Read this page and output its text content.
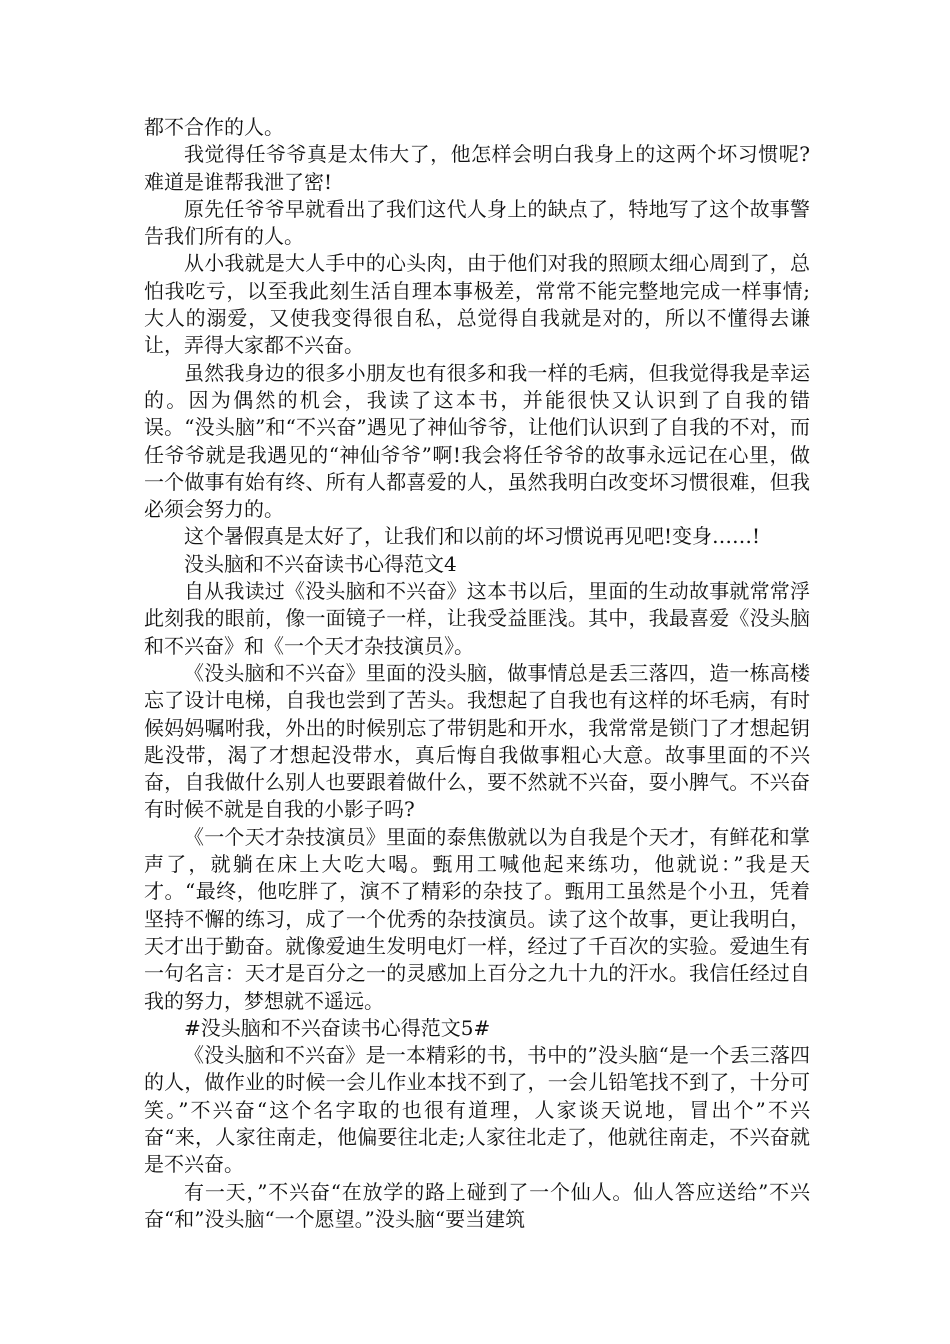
都不合作的人。

我觉得任爷爷真是太伟大了，他怎样会明白我身上的这两个坏习惯呢?难道是谁帮我泄了密!

原先任爷爷早就看出了我们这代人身上的缺点了，特地写了这个故事警告我们所有的人。

从小我就是大人手中的心头肉，由于他们对我的照顾太细心周到了，总怕我吃亏，以至我此刻生活自理本事极差，常常不能完整地完成一样事情;大人的溺爱，又使我变得很自私，总觉得自我就是对的，所以不懂得去谦让，弄得大家都不兴奋。

虽然我身边的很多小朋友也有很多和我一样的毛病，但我觉得我是幸运的。因为偶然的机会，我读了这本书，并能很快又认识到了自我的错误。“没头脑”和“不兴奋”遇见了神仙爷爷，让他们认识到了自我的不对，而任爷爷就是我遇见的“神仙爷爷”啊!我会将任爷爷的故事永远记在心里，做一个做事有始有终、所有人都喜爱的人，虽然我明白改变坏习惯很难，但我必须会努力的。

这个暑假真是太好了，让我们和以前的坏习惯说再见吧!变身……!

没头脑和不兴奋读书心得范文4

自从我读过《没头脑和不兴奋》这本书以后，里面的生动故事就常常浮此刻我的眼前，像一面镜子一样，让我受益匪浅。其中，我最喜爱《没头脑和不兴奋》和《一个天才杂技演员》。

《没头脑和不兴奋》里面的没头脑，做事情总是丢三落四，造一栋高楼忘了设计电梯，自我也尝到了苦头。我想起了自我也有这样的坏毛病，有时候妈妈嘱咐我，外出的时候别忘了带钥匙和开水，我常常是锁门了才想起钥匙没带，渴了才想起没带水，真后悔自我做事粗心大意。故事里面的不兴奋，自我做什么别人也要跟着做什么，要不然就不兴奋，耍小脾气。不兴奋有时候不就是自我的小影子吗?

《一个天才杂技演员》里面的泰焦傲就以为自我是个天才，有鲜花和掌声了，就躺在床上大吃大喝。甄用工喊他起来练功，他就说：”我是天才。“最终，他吃胖了，演不了精彩的杂技了。甄用工虽然是个小丑，凭着坚持不懈的练习，成了一个优秀的杂技演员。读了这个故事，更让我明白，天才出于勤奋。就像爱迪生发明电灯一样，经过了千百次的实验。爱迪生有一句名言：天才是百分之一的灵感加上百分之九十九的汗水。我信任经过自我的努力，梦想就不遥远。

#没头脑和不兴奋读书心得范文5#

《没头脑和不兴奋》是一本精彩的书，书中的”没头脑“是一个丢三落四的人，做作业的时候一会儿作业本找不到了，一会儿铅笔找不到了，十分可笑。”不兴奋“这个名字取的也很有道理，人家谈天说地，冒出个”不兴奋“来，人家往南走，他偏要往北走;人家往北走了，他就往南走，不兴奋就是不兴奋。

有一天，”不兴奋“在放学的路上碰到了一个仙人。仙人答应送给”不兴奋“和”没头脑“一个愿望。”没头脑“要当建筑
